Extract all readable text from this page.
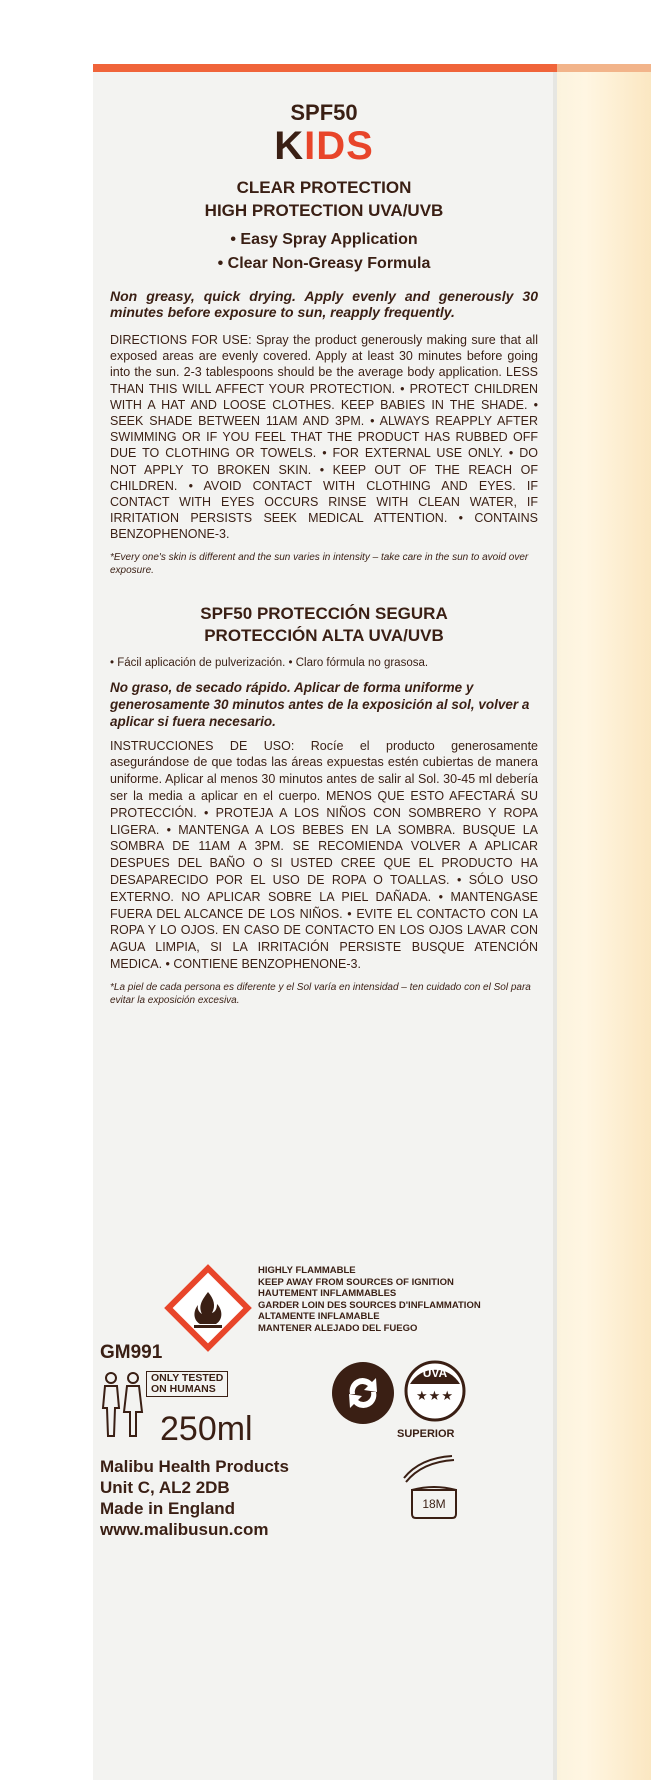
SPF50
KIDS
CLEAR PROTECTION
HIGH PROTECTION UVA/UVB
• Easy Spray Application
• Clear Non-Greasy Formula
Non greasy, quick drying. Apply evenly and generously 30 minutes before exposure to sun, reapply frequently.
DIRECTIONS FOR USE: Spray the product generously making sure that all exposed areas are evenly covered. Apply at least 30 minutes before going into the sun. 2-3 tablespoons should be the average body application. LESS THAN THIS WILL AFFECT YOUR PROTECTION. • PROTECT CHILDREN WITH A HAT AND LOOSE CLOTHES. KEEP BABIES IN THE SHADE. • SEEK SHADE BETWEEN 11AM AND 3PM. • ALWAYS REAPPLY AFTER SWIMMING OR IF YOU FEEL THAT THE PRODUCT HAS RUBBED OFF DUE TO CLOTHING OR TOWELS. • FOR EXTERNAL USE ONLY. • DO NOT APPLY TO BROKEN SKIN. • KEEP OUT OF THE REACH OF CHILDREN. • AVOID CONTACT WITH CLOTHING AND EYES. IF CONTACT WITH EYES OCCURS RINSE WITH CLEAN WATER, IF IRRITATION PERSISTS SEEK MEDICAL ATTENTION. • CONTAINS BENZOPHENONE-3.
*Every one's skin is different and the sun varies in intensity – take care in the sun to avoid over exposure.
SPF50 PROTECCIÓN SEGURA
PROTECCIÓN ALTA UVA/UVB
• Fácil aplicación de pulverización. • Claro fórmula no grasosa.
No graso, de secado rápido. Aplicar de forma uniforme y generosamente 30 minutos antes de la exposición al sol, volver a aplicar si fuera necesario.
INSTRUCCIONES DE USO: Rocíe el producto generosamente asegurándose de que todas las áreas expuestas estén cubiertas de manera uniforme. Aplicar al menos 30 minutos antes de salir al Sol. 30-45 ml debería ser la media a aplicar en el cuerpo. MENOS QUE ESTO AFECTARÁ SU PROTECCIÓN. • PROTEJA A LOS NIÑOS CON SOMBRERO Y ROPA LIGERA. • MANTENGA A LOS BEBES EN LA SOMBRA. BUSQUE LA SOMBRA DE 11AM A 3PM. SE RECOMIENDA VOLVER A APLICAR DESPUES DEL BAÑO O SI USTED CREE QUE EL PRODUCTO HA DESAPARECIDO POR EL USO DE ROPA O TOALLAS. • SÓLO USO EXTERNO. NO APLICAR SOBRE LA PIEL DAÑADA. • MANTENGASE FUERA DEL ALCANCE DE LOS NIÑOS. • EVITE EL CONTACTO CON LA ROPA Y LO OJOS. EN CASO DE CONTACTO EN LOS OJOS LAVAR CON AGUA LIMPIA, SI LA IRRITACIÓN PERSISTE BUSQUE ATENCIÓN MEDICA. • CONTIENE BENZOPHENONE-3.
*La piel de cada persona es diferente y el Sol varía en intensidad – ten cuidado con el Sol para evitar la exposición excesiva.
HIGHLY FLAMMABLE
KEEP AWAY FROM SOURCES OF IGNITION
HAUTEMENT INFLAMMABLES
GARDER LOIN DES SOURCES D'INFLAMMATION
ALTAMENTE INFLAMABLE
MANTENER ALEJADO DEL FUEGO
GM991
ONLY TESTED
ON HUMANS
250ml
Malibu Health Products
Unit C, AL2 2DB
Made in England
www.malibusun.com
UVA
★★★
SUPERIOR
18M
